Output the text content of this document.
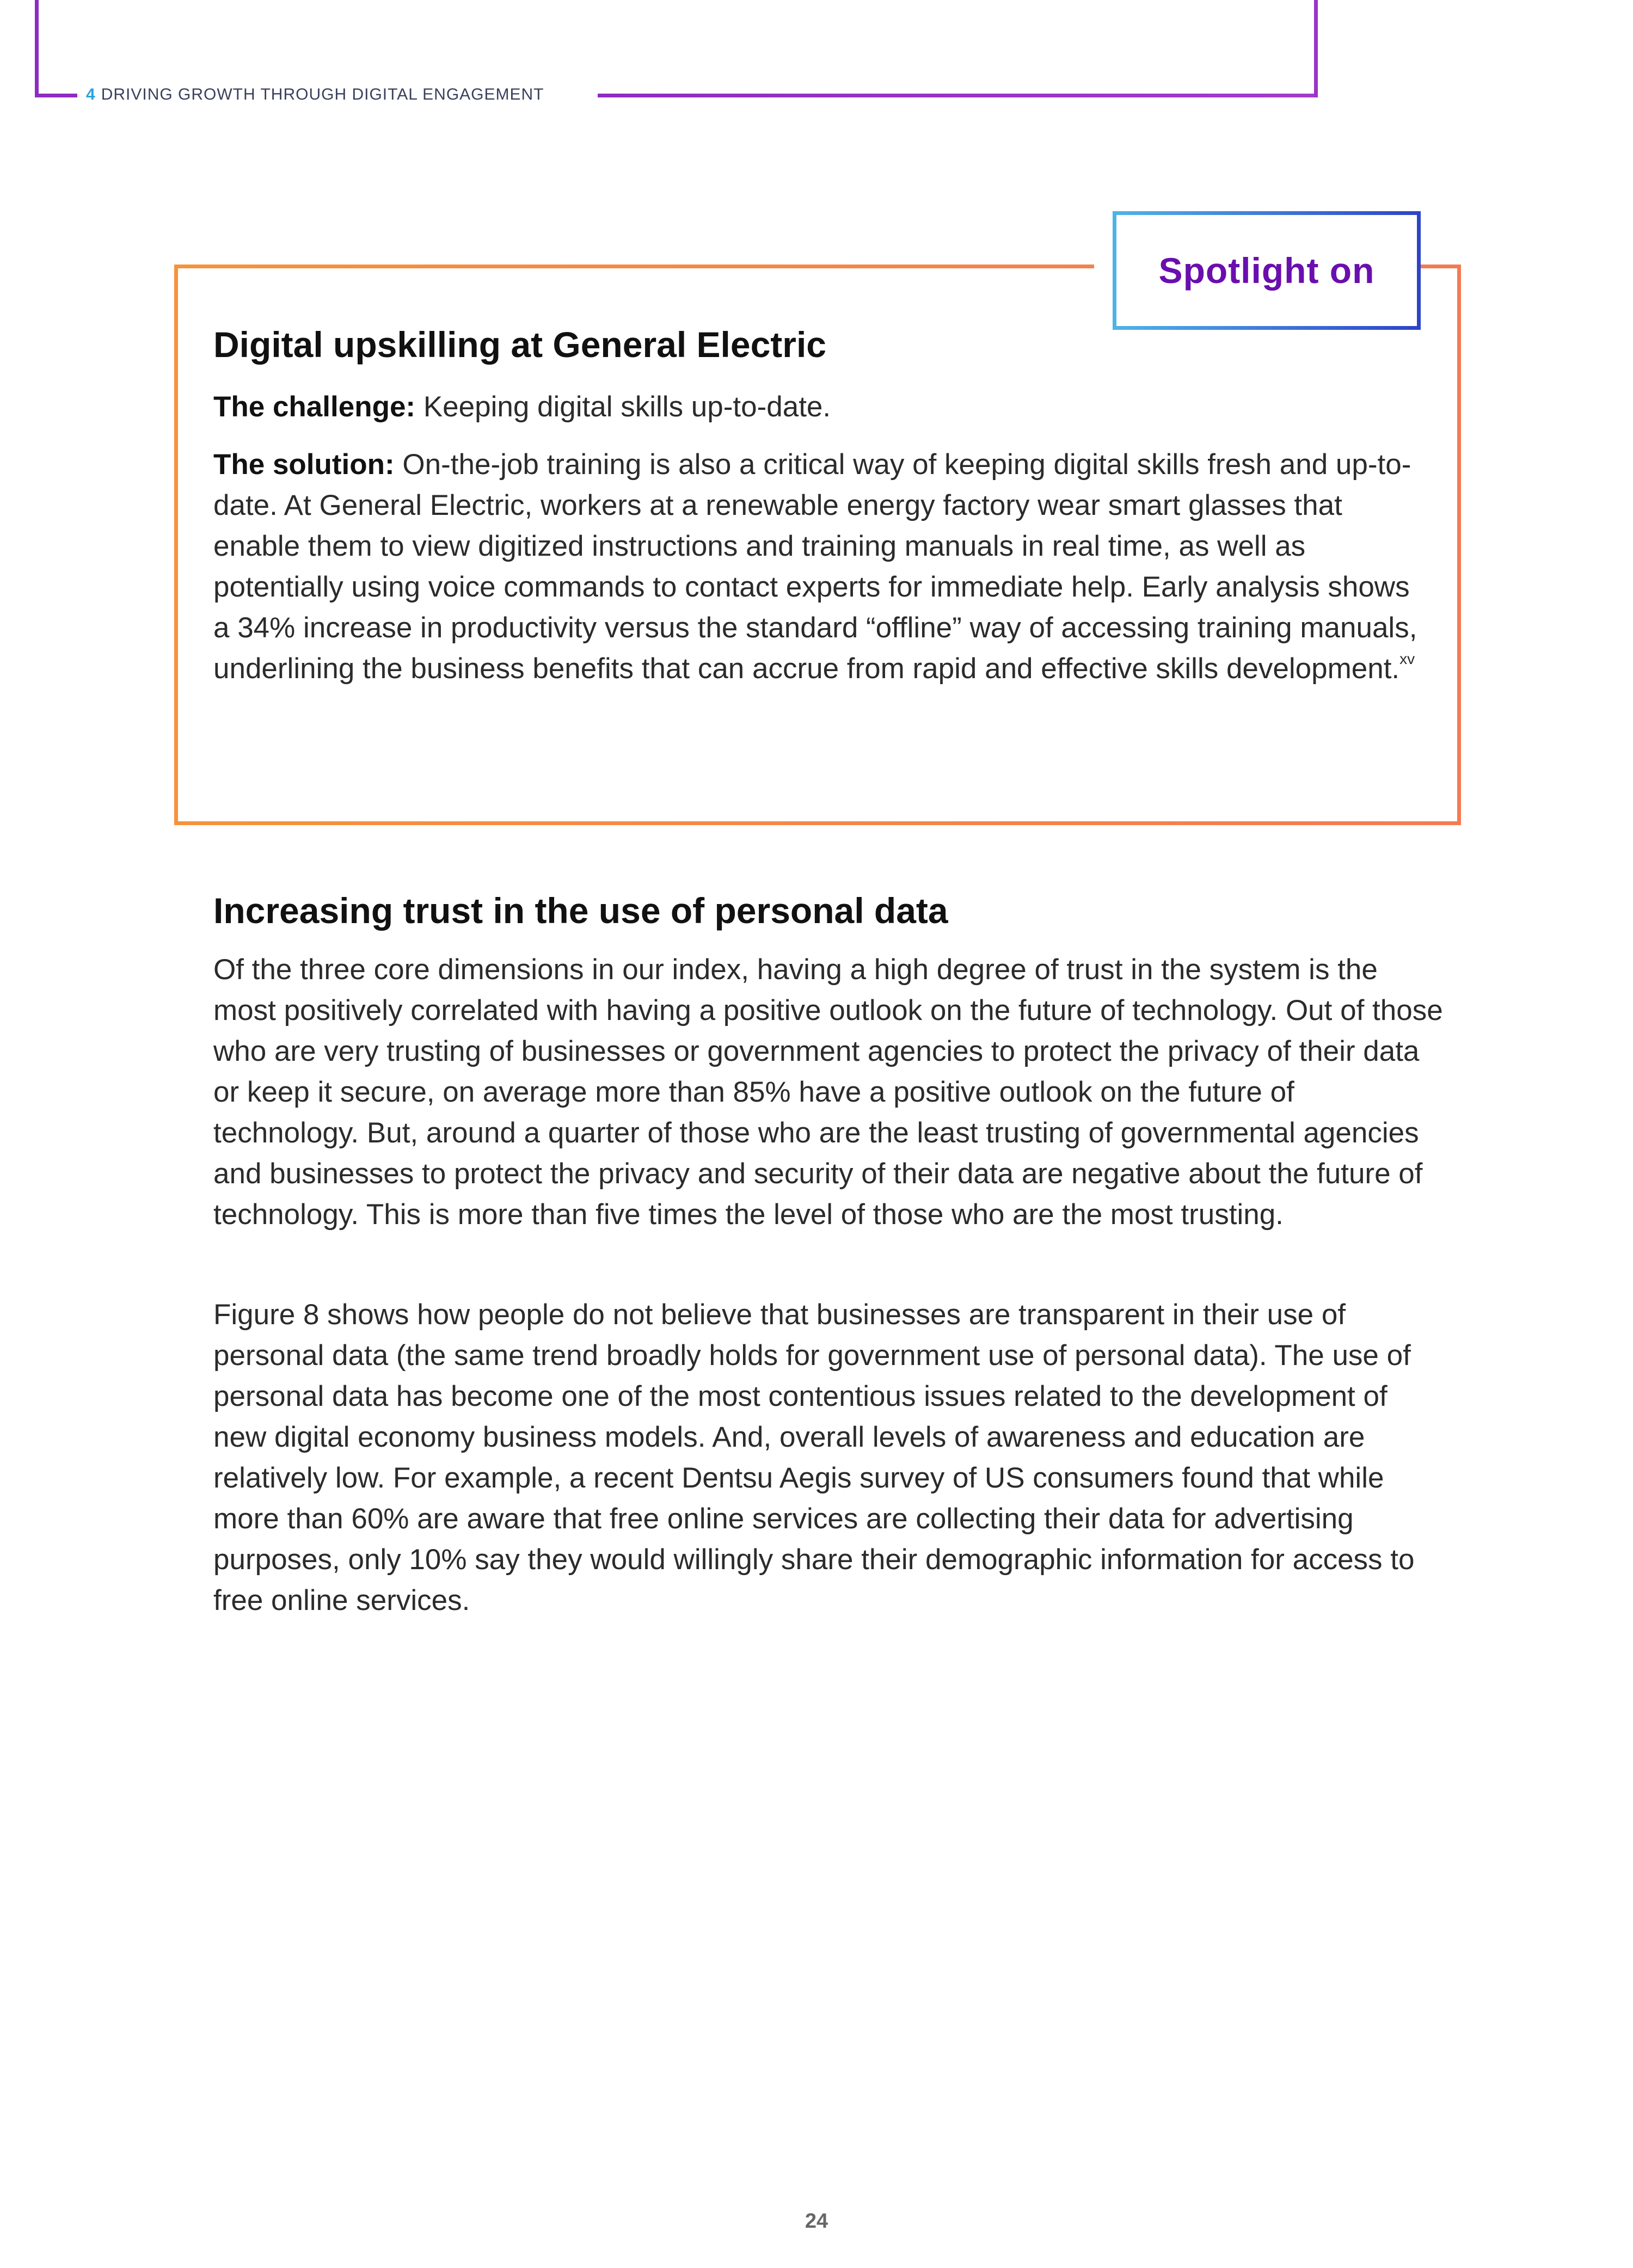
4 DRIVING GROWTH THROUGH DIGITAL ENGAGEMENT
Spotlight on
Digital upskilling at General Electric

The challenge: Keeping digital skills up-to-date.

The solution: On-the-job training is also a critical way of keeping digital skills fresh and up-to-date. At General Electric, workers at a renewable energy factory wear smart glasses that enable them to view digitized instructions and training manuals in real time, as well as potentially using voice commands to contact experts for immediate help. Early analysis shows a 34% increase in productivity versus the standard “offline” way of accessing training manuals, underlining the business benefits that can accrue from rapid and effective skills development.$^{xv}$

Increasing trust in the use of personal data

Of the three core dimensions in our index, having a high degree of trust in the system is the most positively correlated with having a positive outlook on the future of technology. Out of those who are very trusting of businesses or government agencies to protect the privacy of their data or keep it secure, on average more than 85% have a positive outlook on the future of technology. But, around a quarter of those who are the least trusting of governmental agencies and businesses to protect the privacy and security of their data are negative about the future of technology. This is more than five times the level of those who are the most trusting.

Figure 8 shows how people do not believe that businesses are transparent in their use of personal data (the same trend broadly holds for government use of personal data). The use of personal data has become one of the most contentious issues related to the development of new digital economy business models. And, overall levels of awareness and education are relatively low. For example, a recent Dentsu Aegis survey of US consumers found that while more than 60% are aware that free online services are collecting their data for advertising purposes, only 10% say they would willingly share their demographic information for access to free online services.

24
